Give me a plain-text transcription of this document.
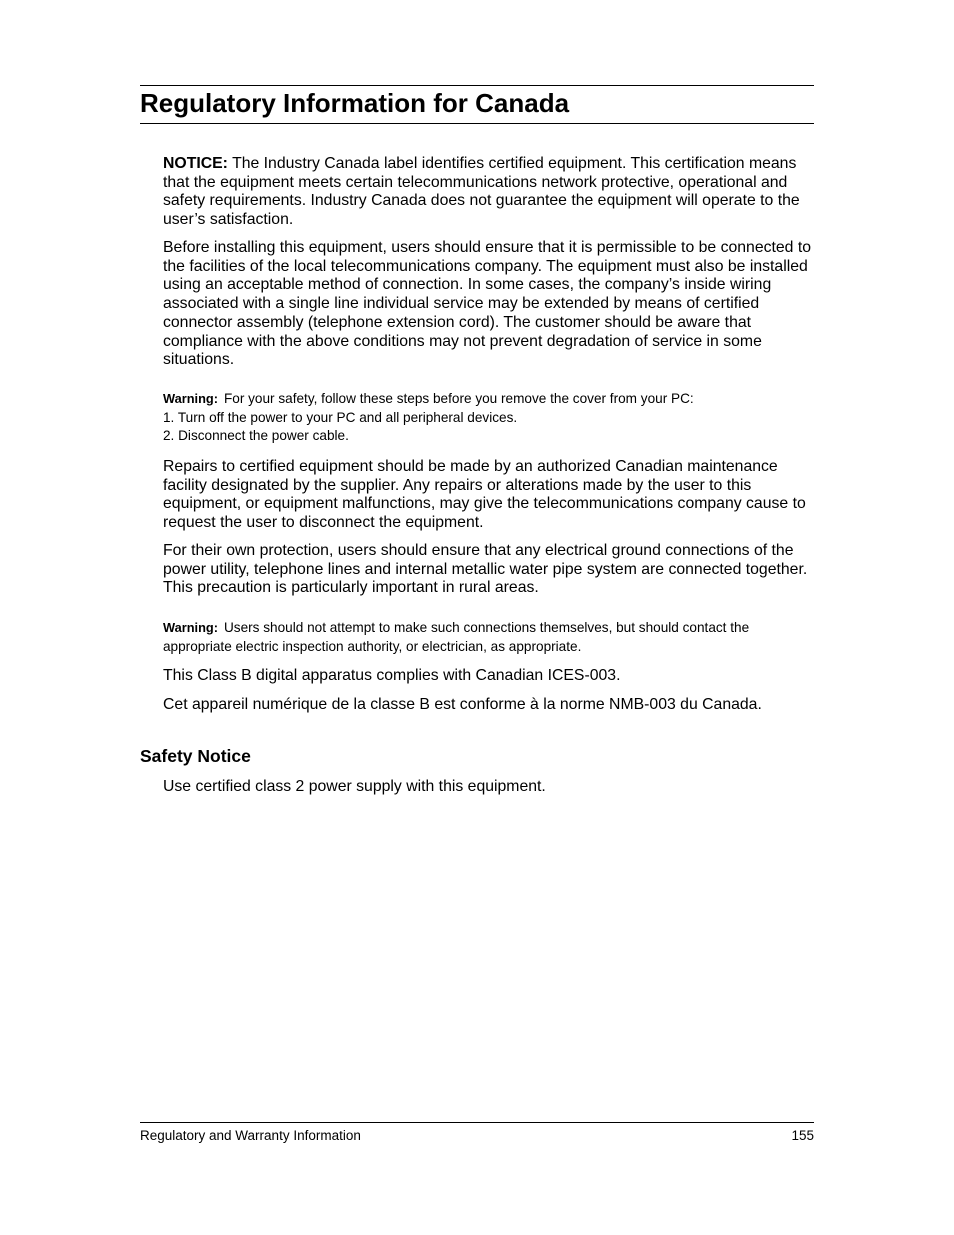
Regulatory Information for Canada

NOTICE: The Industry Canada label identifies certified equipment. This certification means that the equipment meets certain telecommunications network protective, operational and safety requirements. Industry Canada does not guarantee the equipment will operate to the user’s satisfaction.

Before installing this equipment, users should ensure that it is permissible to be connected to the facilities of the local telecommunications company. The equipment must also be installed using an acceptable method of connection. In some cases, the company’s inside wiring associated with a single line individual service may be extended by means of certified connector assembly (telephone extension cord). The customer should be aware that compliance with the above conditions may not prevent degradation of service in some situations.

Warning: For your safety, follow these steps before you remove the cover from your PC:
1. Turn off the power to your PC and all peripheral devices.
2. Disconnect the power cable.

Repairs to certified equipment should be made by an authorized Canadian maintenance facility designated by the supplier. Any repairs or alterations made by the user to this equipment, or equipment malfunctions, may give the telecommunications company cause to request the user to disconnect the equipment.

For their own protection, users should ensure that any electrical ground connections of the power utility, telephone lines and internal metallic water pipe system are connected together. This precaution is particularly important in rural areas.

Warning: Users should not attempt to make such connections themselves, but should contact the appropriate electric inspection authority, or electrician, as appropriate.

This Class B digital apparatus complies with Canadian ICES-003.

Cet appareil numérique de la classe B est conforme à la norme NMB-003 du Canada.

Safety Notice

Use certified class 2 power supply with this equipment.

Regulatory and Warranty Information	155
